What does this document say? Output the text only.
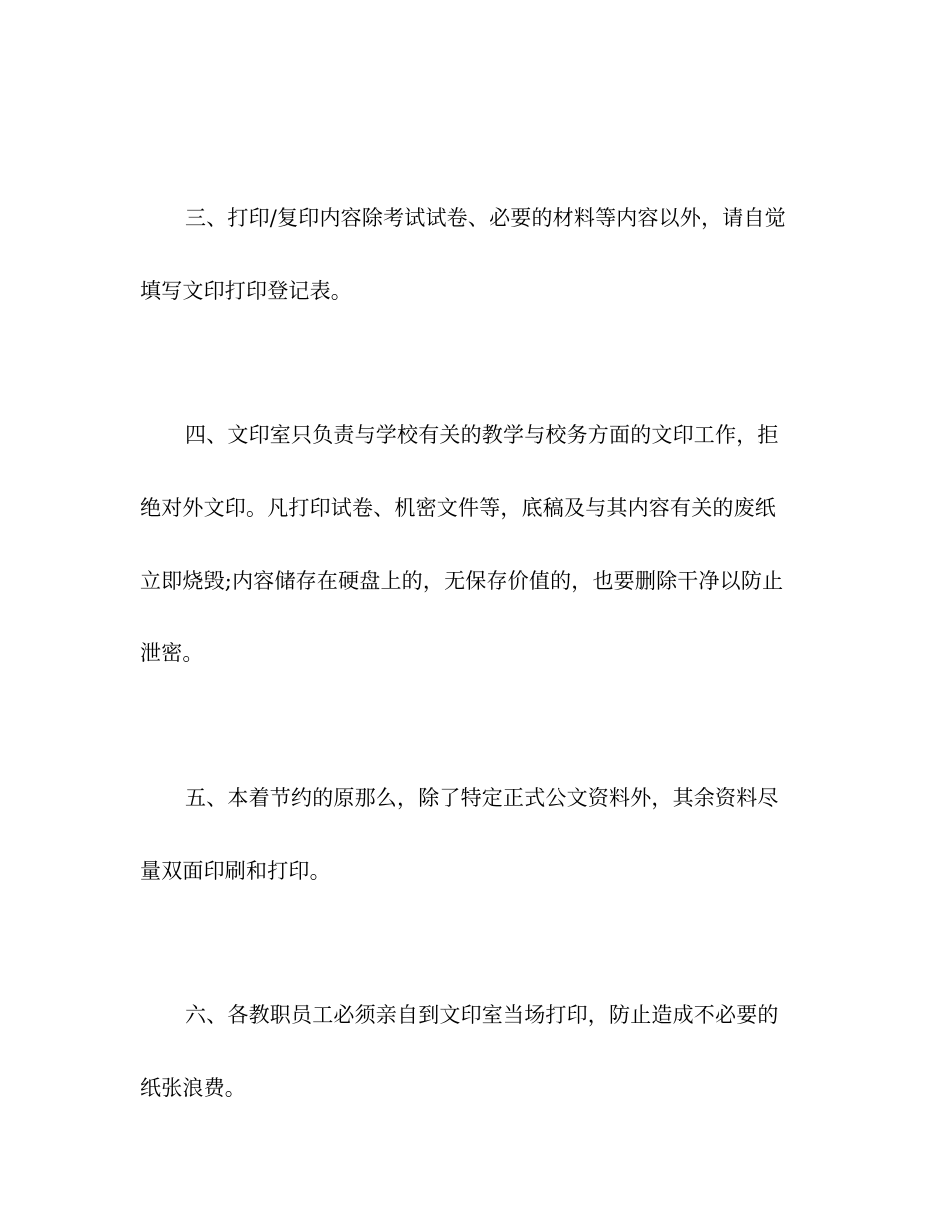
三、打印/复印内容除考试试卷、必要的材料等内容以外，请自觉
填写文印打印登记表。
四、文印室只负责与学校有关的教学与校务方面的文印工作，拒
绝对外文印。凡打印试卷、机密文件等，底稿及与其内容有关的废纸
立即烧毁;内容储存在硬盘上的，无保存价值的，也要删除干净以防止
泄密。
五、本着节约的原那么，除了特定正式公文资料外，其余资料尽
量双面印刷和打印。
六、各教职员工必须亲自到文印室当场打印，防止造成不必要的
纸张浪费。
